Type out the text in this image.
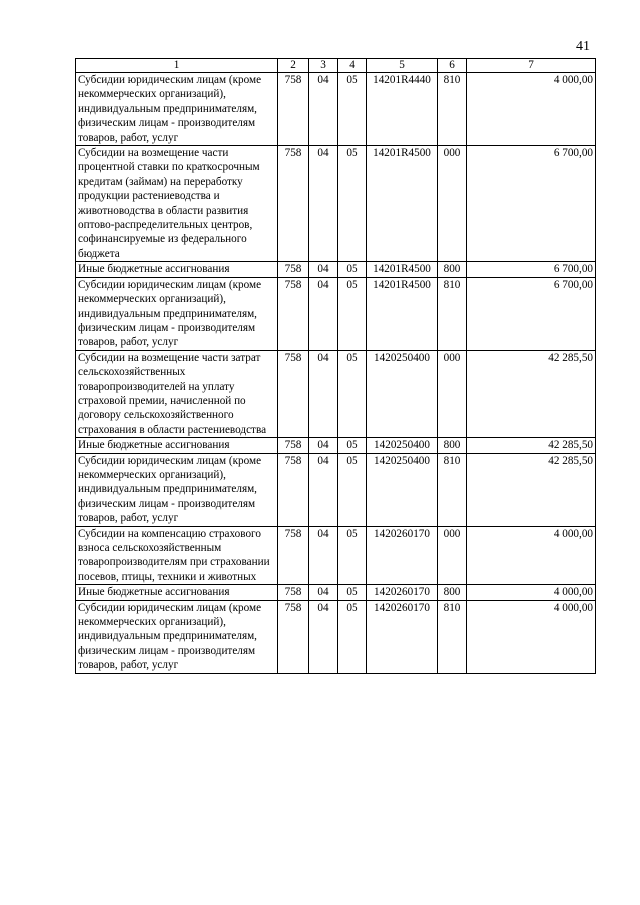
41
1	2	3	4	5	6	7
Субсидии юридическим лицам (кроме некоммерческих организаций), индивидуальным предпринимателям, физическим лицам - производителям товаров, работ, услуг	758	04	05	14201R4440	810	4 000,00
Субсидии на возмещение части процентной ставки по краткосрочным кредитам (займам) на переработку продукции растениеводства и животноводства в области развития оптово-распределительных центров, софинансируемые из федерального бюджета	758	04	05	14201R4500	000	6 700,00
Иные бюджетные ассигнования	758	04	05	14201R4500	800	6 700,00
Субсидии юридическим лицам (кроме некоммерческих организаций), индивидуальным предпринимателям, физическим лицам - производителям товаров, работ, услуг	758	04	05	14201R4500	810	6 700,00
Субсидии на возмещение части затрат сельскохозяйственных товаропроизводителей на уплату страховой премии, начисленной по договору сельскохозяйственного страхования в области растениеводства	758	04	05	1420250400	000	42 285,50
Иные бюджетные ассигнования	758	04	05	1420250400	800	42 285,50
Субсидии юридическим лицам (кроме некоммерческих организаций), индивидуальным предпринимателям, физическим лицам - производителям товаров, работ, услуг	758	04	05	1420250400	810	42 285,50
Субсидии на компенсацию страхового взноса сельскохозяйственным товаропроизводителям при страховании посевов, птицы, техники и животных	758	04	05	1420260170	000	4 000,00
Иные бюджетные ассигнования	758	04	05	1420260170	800	4 000,00
Субсидии юридическим лицам (кроме некоммерческих организаций), индивидуальным предпринимателям, физическим лицам - производителям товаров, работ, услуг	758	04	05	1420260170	810	4 000,00
